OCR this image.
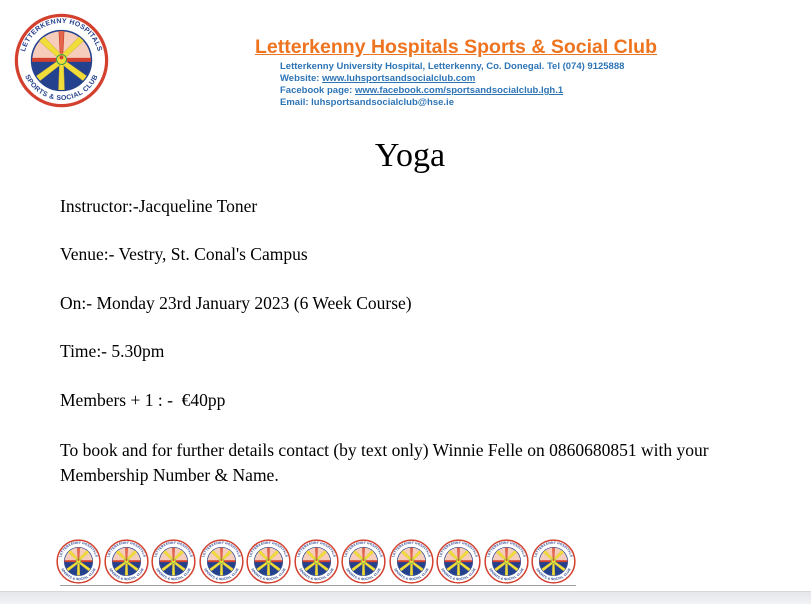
Letterkenny Hospitals Sports & Social Club
Letterkenny University Hospital, Letterkenny, Co. Donegal. Tel (074) 9125888
Website: www.luhsportsandsocialclub.com
Facebook page: www.facebook.com/sportsandsocialclub.lgh.1
Email: luhsportsandsocialclub@hse.ie
Yoga
Instructor:-Jacqueline Toner
Venue:- Vestry, St. Conal's Campus
On:- Monday 23rd January 2023 (6 Week Course)
Time:- 5.30pm
Members + 1 : -  €40pp
To book and for further details contact (by text only) Winnie Felle on 0860680851 with your Membership Number & Name.
